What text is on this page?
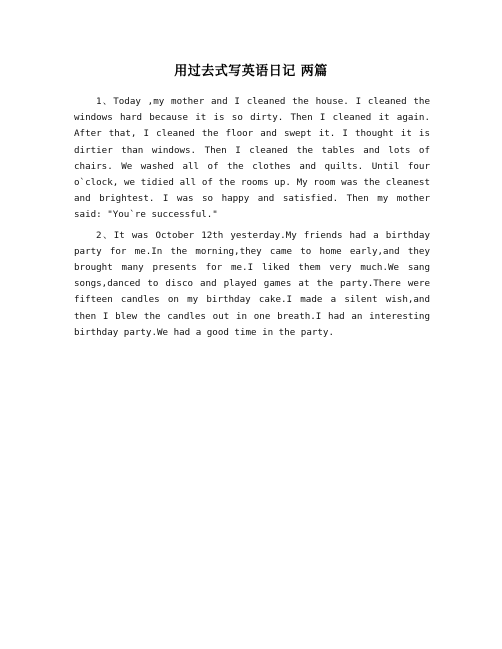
用过去式写英语日记 两篇

1、Today ,my mother and I cleaned the house. I cleaned the windows hard because it is so dirty. Then I cleaned it again. After that, I cleaned the floor and swept it. I thought it is dirtier than windows. Then I cleaned the tables and lots of chairs. We washed all of the clothes and quilts. Until four o`clock, we tidied all of the rooms up. My room was the cleanest and brightest. I was so happy and satisfied. Then my mother said: "You`re successful."

2、It was October 12th yesterday.My friends had a birthday party for me.In the morning,they came to home early,and they brought many presents for me.I liked them very much.We sang songs,danced to disco and played games at the party.There were fifteen candles on my birthday cake.I made a silent wish,and then I blew the candles out in one breath.I had an interesting birthday party.We had a good time in the party.
